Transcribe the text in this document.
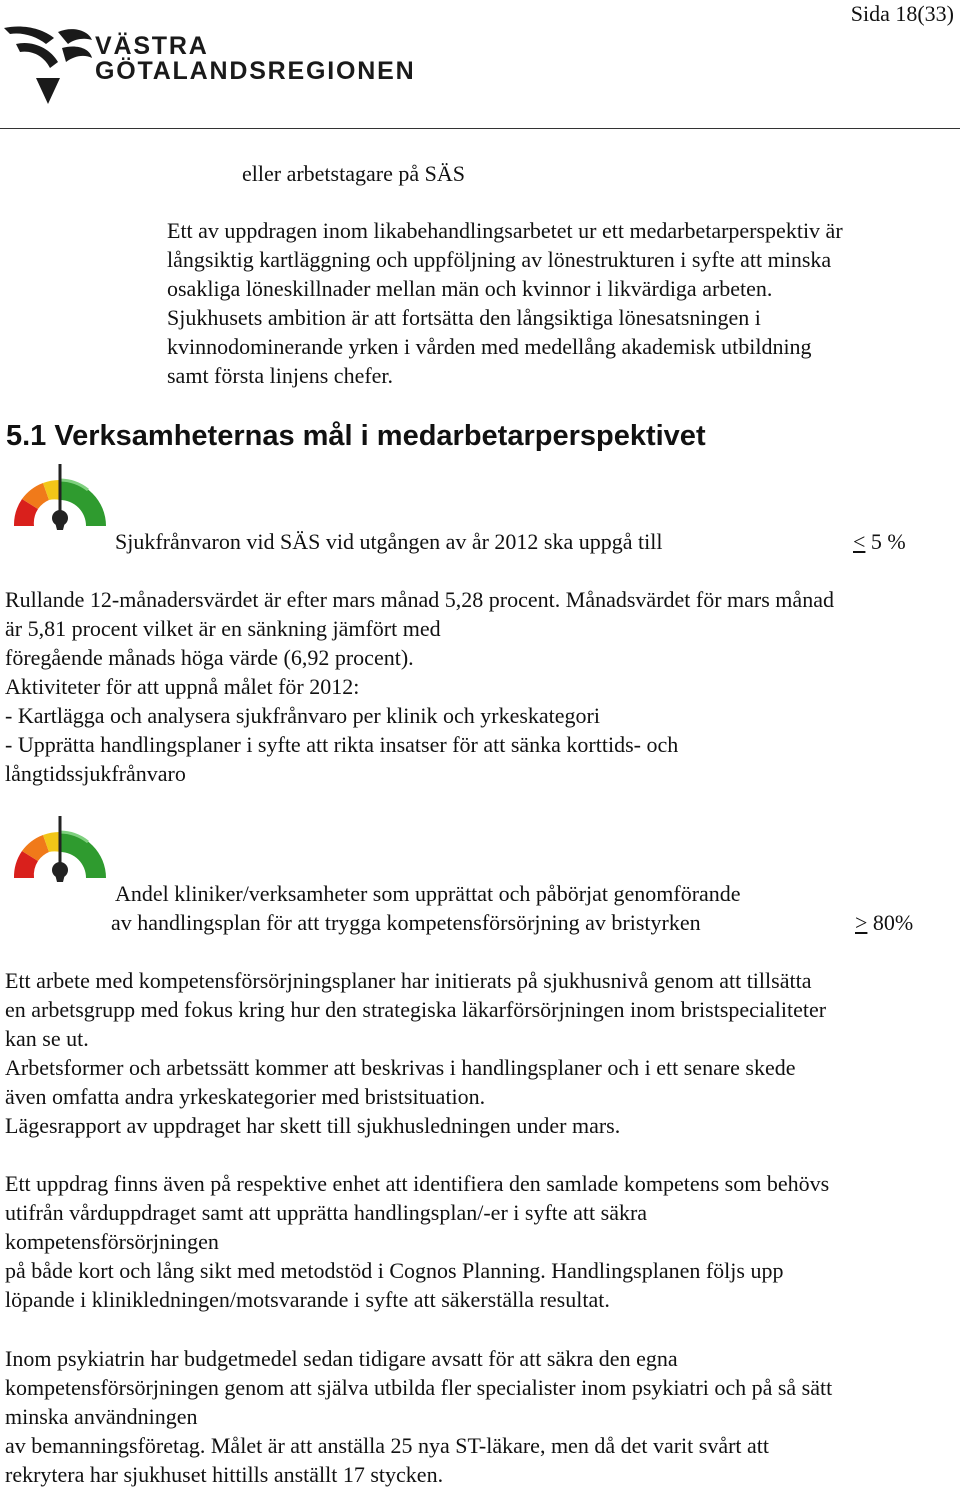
Sida 18(33)
VÄSTRA
GÖTALANDSREGIONEN
eller arbetstagare på SÄS
Ett av uppdragen inom likabehandlingsarbetet ur ett medarbetarperspektiv är
långsiktig kartläggning och uppföljning av lönestrukturen i syfte att minska
osakliga löneskillnader mellan män och kvinnor i likvärdiga arbeten.
Sjukhusets ambition är att fortsätta den långsiktiga lönesatsningen i
kvinnodominerande yrken i vården med medellång akademisk utbildning
samt första linjens chefer.
5.1 Verksamheternas mål i medarbetarperspektivet
Sjukfrånvaron vid SÄS vid utgången av år 2012 ska uppgå till	≤ 5 %
Rullande 12-månadersvärdet är efter mars månad 5,28 procent. Månadsvärdet för mars månad
är 5,81 procent vilket är en sänkning jämfört med
föregående månads höga värde (6,92 procent).
Aktiviteter för att uppnå målet för 2012:
- Kartlägga och analysera sjukfrånvaro per klinik och yrkeskategori
- Upprätta handlingsplaner i syfte att rikta insatser för att sänka korttids- och
långtidssjukfrånvaro
Andel kliniker/verksamheter som upprättat och påbörjat genomförande
av handlingsplan för att trygga kompetensförsörjning av bristyrken	≥ 80%
Ett arbete med kompetensförsörjningsplaner har initierats på sjukhusnivå genom att tillsätta
en arbetsgrupp med fokus kring hur den strategiska läkarförsörjningen inom bristspecialiteter
kan se ut.
Arbetsformer och arbetssätt kommer att beskrivas i handlingsplaner och i ett senare skede
även omfatta andra yrkeskategorier med bristsituation.
Lägesrapport av uppdraget har skett till sjukhusledningen under mars.
Ett uppdrag finns även på respektive enhet att identifiera den samlade kompetens som behövs
utifrån vårduppdraget samt att upprätta handlingsplan/-er i syfte att säkra
kompetensförsörjningen
på både kort och lång sikt med metodstöd i Cognos Planning. Handlingsplanen följs upp
löpande i klinikledningen/motsvarande i syfte att säkerställa resultat.
Inom psykiatrin har budgetmedel sedan tidigare avsatt för att säkra den egna
kompetensförsörjningen genom att själva utbilda fler specialister inom psykiatri och på så sätt
minska användningen
av bemanningsföretag. Målet är att anställa 25 nya ST-läkare, men då det varit svårt att
rekrytera har sjukhuset hittills anställt 17 stycken.
